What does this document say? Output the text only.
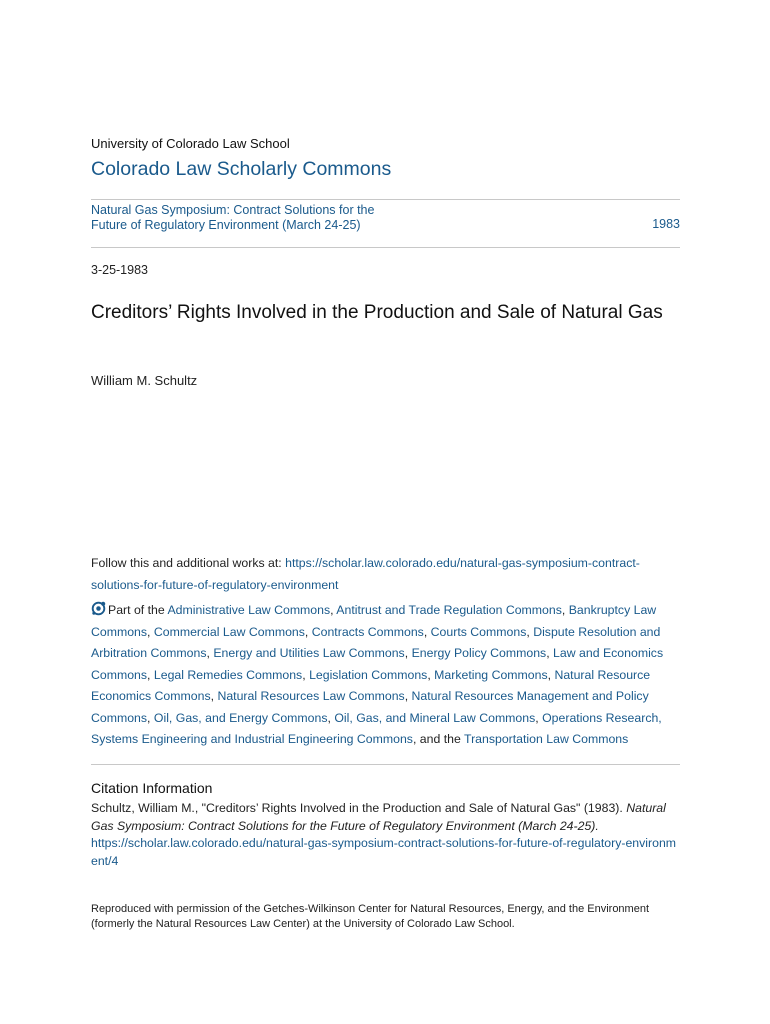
University of Colorado Law School
Colorado Law Scholarly Commons
Natural Gas Symposium: Contract Solutions for the Future of Regulatory Environment (March 24-25)	1983
3-25-1983
Creditors’ Rights Involved in the Production and Sale of Natural Gas
William M. Schultz
Follow this and additional works at: https://scholar.law.colorado.edu/natural-gas-symposium-contract-solutions-for-future-of-regulatory-environment
Part of the Administrative Law Commons, Antitrust and Trade Regulation Commons, Bankruptcy Law Commons, Commercial Law Commons, Contracts Commons, Courts Commons, Dispute Resolution and Arbitration Commons, Energy and Utilities Law Commons, Energy Policy Commons, Law and Economics Commons, Legal Remedies Commons, Legislation Commons, Marketing Commons, Natural Resource Economics Commons, Natural Resources Law Commons, Natural Resources Management and Policy Commons, Oil, Gas, and Energy Commons, Oil, Gas, and Mineral Law Commons, Operations Research, Systems Engineering and Industrial Engineering Commons, and the Transportation Law Commons
Citation Information
Schultz, William M., "Creditors’ Rights Involved in the Production and Sale of Natural Gas" (1983). Natural Gas Symposium: Contract Solutions for the Future of Regulatory Environment (March 24-25).
https://scholar.law.colorado.edu/natural-gas-symposium-contract-solutions-for-future-of-regulatory-environment/4
Reproduced with permission of the Getches-Wilkinson Center for Natural Resources, Energy, and the Environment (formerly the Natural Resources Law Center) at the University of Colorado Law School.
